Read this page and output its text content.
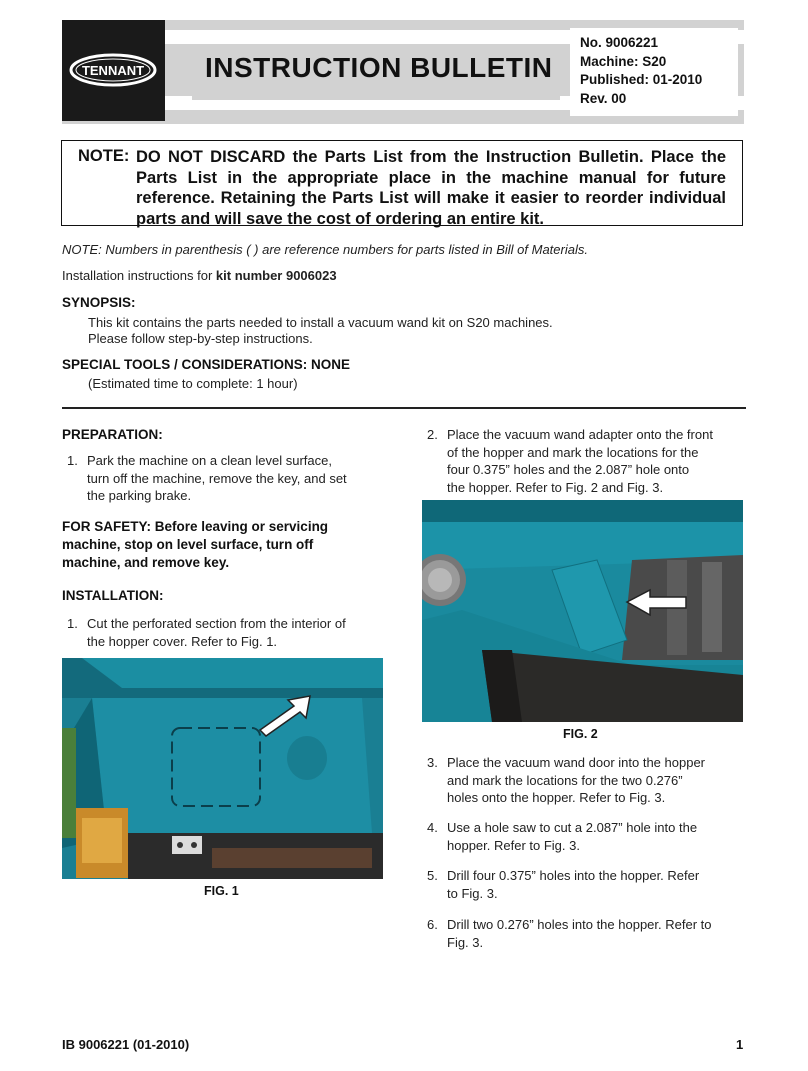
TENNANT INSTRUCTION BULLETIN
No. 9006221
Machine: S20
Published: 01-2010
Rev. 00
NOTE: DO NOT DISCARD the Parts List from the Instruction Bulletin. Place the Parts List in the appropriate place in the machine manual for future reference. Retaining the Parts List will make it easier to reorder individual parts and will save the cost of ordering an entire kit.
NOTE: Numbers in parenthesis ( ) are reference numbers for parts listed in Bill of Materials.
Installation instructions for kit number 9006023
SYNOPSIS:
This kit contains the parts needed to install a vacuum wand kit on S20 machines.
Please follow step-by-step instructions.
SPECIAL TOOLS / CONSIDERATIONS: NONE
(Estimated time to complete: 1 hour)
PREPARATION:
1. Park the machine on a clean level surface,
turn off the machine, remove the key, and set
the parking brake.
FOR SAFETY: Before leaving or servicing
machine, stop on level surface, turn off
machine, and remove key.
INSTALLATION:
1. Cut the perforated section from the interior of
the hopper cover. Refer to Fig. 1.
FIG. 1
2. Place the vacuum wand adapter onto the front
of the hopper and mark the locations for the
four 0.375” holes and the 2.087” hole onto
the hopper. Refer to Fig. 2 and Fig. 3.
FIG. 2
3. Place the vacuum wand door into the hopper
and mark the locations for the two 0.276”
holes onto the hopper. Refer to Fig. 3.
4. Use a hole saw to cut a 2.087” hole into the
hopper. Refer to Fig. 3.
5. Drill four 0.375” holes into the hopper. Refer
to Fig. 3.
6. Drill two 0.276” holes into the hopper. Refer to
Fig. 3.
IB 9006221 (01-2010)	1
